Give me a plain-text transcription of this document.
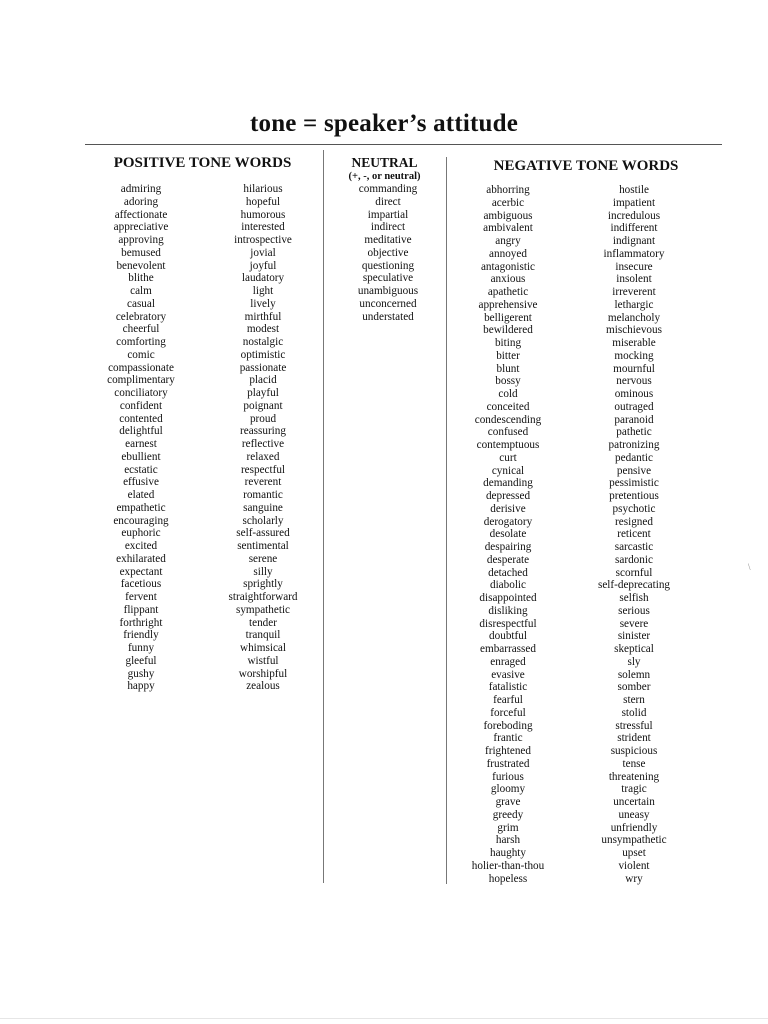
tone = speaker’s attitude
POSITIVE TONE WORDS	NEUTRAL
(+, -, or neutral)
NEGATIVE TONE WORDS
admiring
adoring
affectionate
appreciative
approving
bemused
benevolent
blithe
calm
casual
celebratory
cheerful
comforting
comic
compassionate
complimentary
conciliatory
confident
contented
delightful
earnest
ebullient
ecstatic
effusive
elated
empathetic
encouraging
euphoric
excited
exhilarated
expectant
facetious
fervent
flippant
forthright
friendly
funny
gleeful
gushy
happy
hilarious
hopeful
humorous
interested
introspective
jovial
joyful
laudatory
light
lively
mirthful
modest
nostalgic
optimistic
passionate
placid
playful
poignant
proud
reassuring
reflective
relaxed
respectful
reverent
romantic
sanguine
scholarly
self-assured
sentimental
serene
silly
sprightly
straightforward
sympathetic
tender
tranquil
whimsical
wistful
worshipful
zealous
commanding
direct
impartial
indirect
meditative
objective
questioning
speculative
unambiguous
unconcerned
understated
abhorring
acerbic
ambiguous
ambivalent
angry
annoyed
antagonistic
anxious
apathetic
apprehensive
belligerent
bewildered
biting
bitter
blunt
bossy
cold
conceited
condescending
confused
contemptuous
curt
cynical
demanding
depressed
derisive
derogatory
desolate
despairing
desperate
detached
diabolic
disappointed
disliking
disrespectful
doubtful
embarrassed
enraged
evasive
fatalistic
fearful
forceful
foreboding
frantic
frightened
frustrated
furious
gloomy
grave
greedy
grim
harsh
haughty
holier-than-thou
hopeless
hostile
impatient
incredulous
indifferent
indignant
inflammatory
insecure
insolent
irreverent
lethargic
melancholy
mischievous
miserable
mocking
mournful
nervous
ominous
outraged
paranoid
pathetic
patronizing
pedantic
pensive
pessimistic
pretentious
psychotic
resigned
reticent
sarcastic
sardonic
scornful
self-deprecating
selfish
serious
severe
sinister
skeptical
sly
solemn
somber
stern
stolid
stressful
strident
suspicious
tense
threatening
tragic
uncertain
uneasy
unfriendly
unsympathetic
upset
violent
wry
\
